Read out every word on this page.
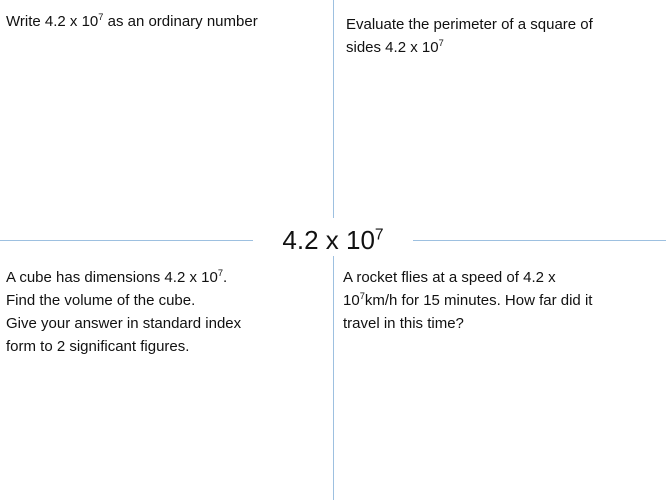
4.2 x $10^7$

Write 4.2 x $10^7$ as an ordinary number	Evaluate the perimeter of a square of
sides 4.2 x $10^7$

A cube has dimensions 4.2 x $10^7$.
Find the volume of the cube.
Give your answer in standard index
form to 2 significant figures.

A rocket flies at a speed of 4.2 x
$10^7km/h$ for 15 minutes. How far did it
travel in this time?
